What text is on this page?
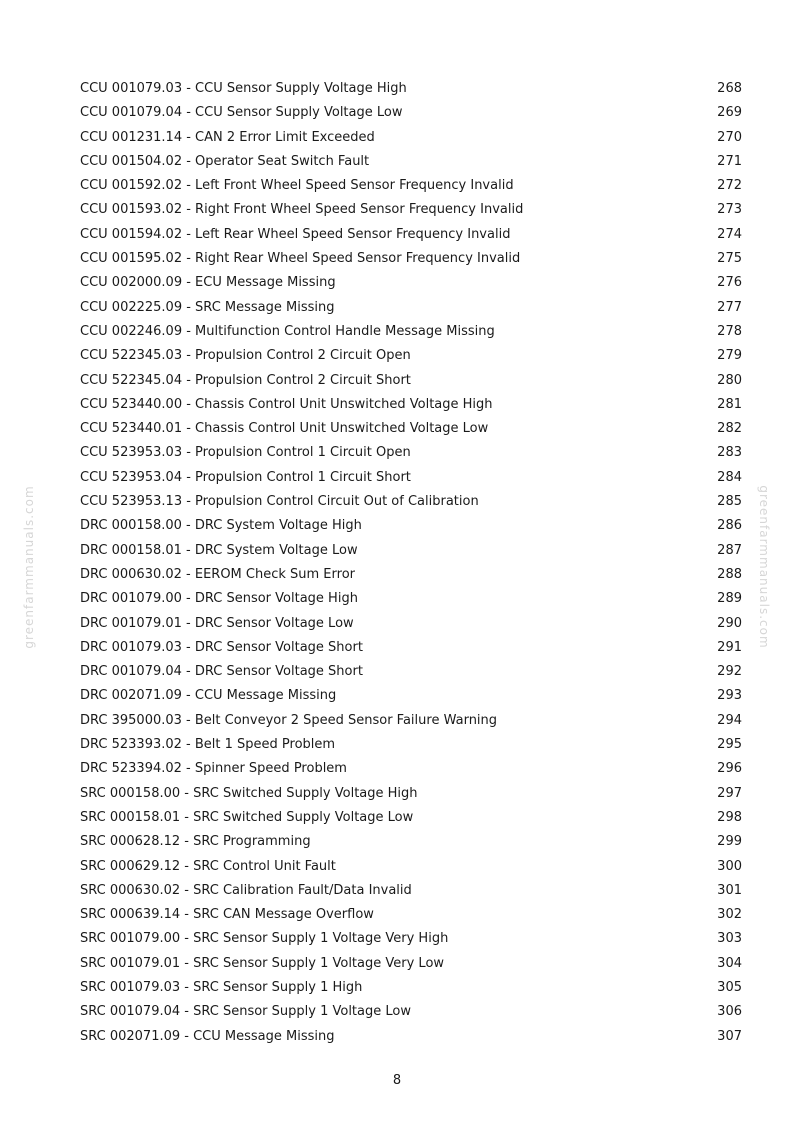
greenfarmmanuals.com	greenfarmmanuals.com
CCU 001079.03 - CCU Sensor Supply Voltage High	268
CCU 001079.04 - CCU Sensor Supply Voltage Low	269
CCU 001231.14 - CAN 2 Error Limit Exceeded	270
CCU 001504.02 - Operator Seat Switch Fault	271
CCU 001592.02 - Left Front Wheel Speed Sensor Frequency Invalid	272
CCU 001593.02 - Right Front Wheel Speed Sensor Frequency Invalid	273
CCU 001594.02 - Left Rear Wheel Speed Sensor Frequency Invalid	274
CCU 001595.02 - Right Rear Wheel Speed Sensor Frequency Invalid	275
CCU 002000.09 - ECU Message Missing	276
CCU 002225.09 - SRC Message Missing	277
CCU 002246.09 - Multifunction Control Handle Message Missing	278
CCU 522345.03 - Propulsion Control 2 Circuit Open	279
CCU 522345.04 - Propulsion Control 2 Circuit Short	280
CCU 523440.00 - Chassis Control Unit Unswitched Voltage High	281
CCU 523440.01 - Chassis Control Unit Unswitched Voltage Low	282
CCU 523953.03 - Propulsion Control 1 Circuit Open	283
CCU 523953.04 - Propulsion Control 1 Circuit Short	284
CCU 523953.13 - Propulsion Control Circuit Out of Calibration	285
DRC 000158.00 - DRC System Voltage High	286
DRC 000158.01 - DRC System Voltage Low	287
DRC 000630.02 - EEROM Check Sum Error	288
DRC 001079.00 - DRC Sensor Voltage High	289
DRC 001079.01 - DRC Sensor Voltage Low	290
DRC 001079.03 - DRC Sensor Voltage Short	291
DRC 001079.04 - DRC Sensor Voltage Short	292
DRC 002071.09 - CCU Message Missing	293
DRC 395000.03 - Belt Conveyor 2 Speed Sensor Failure Warning	294
DRC 523393.02 - Belt 1 Speed Problem	295
DRC 523394.02 - Spinner Speed Problem	296
SRC 000158.00 - SRC Switched Supply Voltage High	297
SRC 000158.01 - SRC Switched Supply Voltage Low	298
SRC 000628.12 - SRC Programming	299
SRC 000629.12 - SRC Control Unit Fault	300
SRC 000630.02 - SRC Calibration Fault/Data Invalid	301
SRC 000639.14 - SRC CAN Message Overflow	302
SRC 001079.00 - SRC Sensor Supply 1 Voltage Very High	303
SRC 001079.01 - SRC Sensor Supply 1 Voltage Very Low	304
SRC 001079.03 - SRC Sensor Supply 1 High	305
SRC 001079.04 - SRC Sensor Supply 1 Voltage Low	306
SRC 002071.09 - CCU Message Missing	307
8
